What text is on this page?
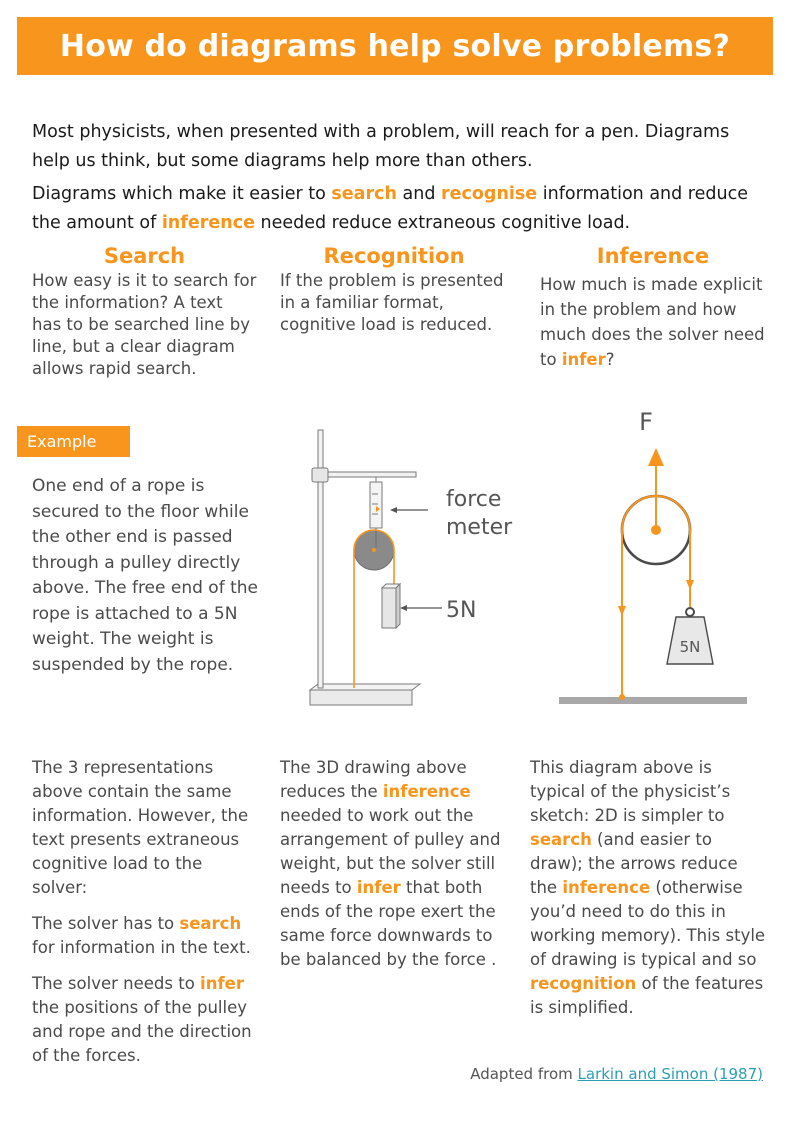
How do diagrams help solve problems?
Most physicists, when presented with a problem, will reach for a pen. Diagrams help us think, but some diagrams help more than others.
Diagrams which make it easier to search and recognise information and reduce the amount of inference needed reduce extraneous cognitive load.
Search	Recognition	Inference
How easy is it to search for the information? A text has to be searched line by line, but a clear diagram allows rapid search.
If the problem is presented in a familiar format, cognitive load is reduced.
How much is made explicit in the problem and how much does the solver need to infer?
Example
One end of a rope is secured to the floor while the other end is passed through a pulley directly above. The free end of the rope is attached to a 5N weight. The weight is suspended by the rope.
force
meter
5N
F
5N

The 3 representations above contain the same information. However, the text presents extraneous cognitive load to the solver:

The solver has to search for information in the text.

The solver needs to infer the positions of the pulley and rope and the direction of the forces.

The 3D drawing above reduces the inference needed to work out the arrangement of pulley and weight, but the solver still needs to infer that both ends of the rope exert the same force downwards to be balanced by the force .
This diagram above is typical of the physicist’s sketch: 2D is simpler to search (and easier to draw); the arrows reduce the inference (otherwise you’d need to do this in working memory). This style of drawing is typical and so recognition of the features is simplified.
Adapted from Larkin and Simon (1987)
